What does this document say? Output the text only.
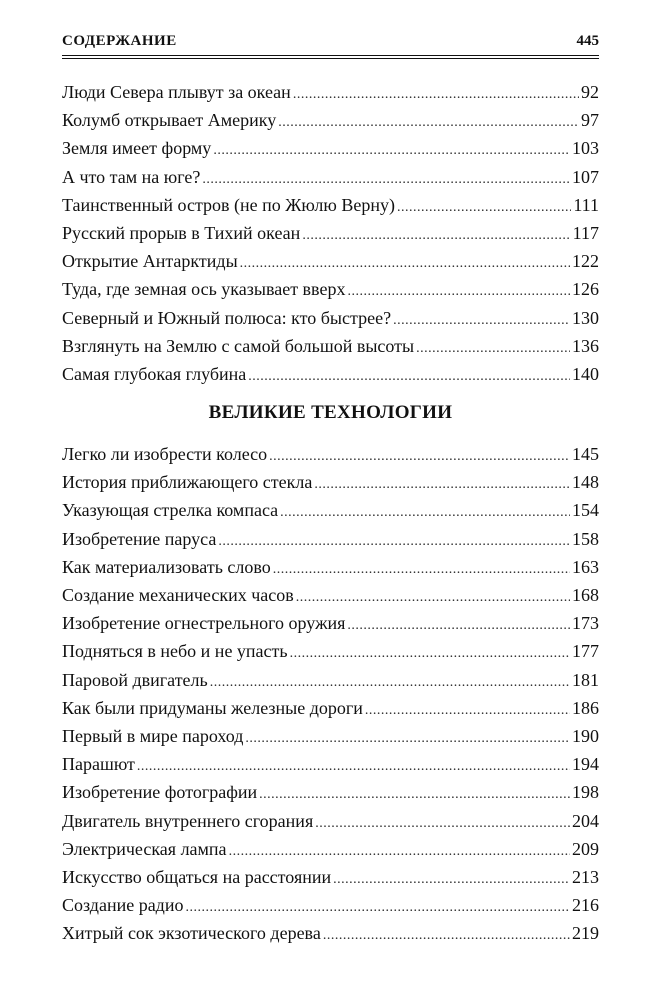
СОДЕРЖАНИЕ	445
Люди Севера плывут за океан .....	92
Колумб открывает Америку .....	97
Земля имеет форму .....	103
А что там на юге? .....	107
Таинственный остров (не по Жюлю Верну) .....	111
Русский прорыв в Тихий океан .....	117
Открытие Антарктиды .....	122
Туда, где земная ось указывает вверх .....	126
Северный и Южный полюса: кто быстрее? .....	130
Взглянуть на Землю с самой большой высоты .....	136
Самая глубокая глубина .....	140
ВЕЛИКИЕ ТЕХНОЛОГИИ
Легко ли изобрести колесо .....	145
История приближающего стекла .....	148
Указующая стрелка компаса .....	154
Изобретение паруса .....	158
Как материализовать слово .....	163
Создание механических часов .....	168
Изобретение огнестрельного оружия .....	173
Подняться в небо и не упасть .....	177
Паровой двигатель .....	181
Как были придуманы железные дороги .....	186
Первый в мире пароход .....	190
Парашют .....	194
Изобретение фотографии .....	198
Двигатель внутреннего сгорания .....	204
Электрическая лампа .....	209
Искусство общаться на расстоянии .....	213
Создание радио .....	216
Хитрый сок экзотического дерева .....	219
